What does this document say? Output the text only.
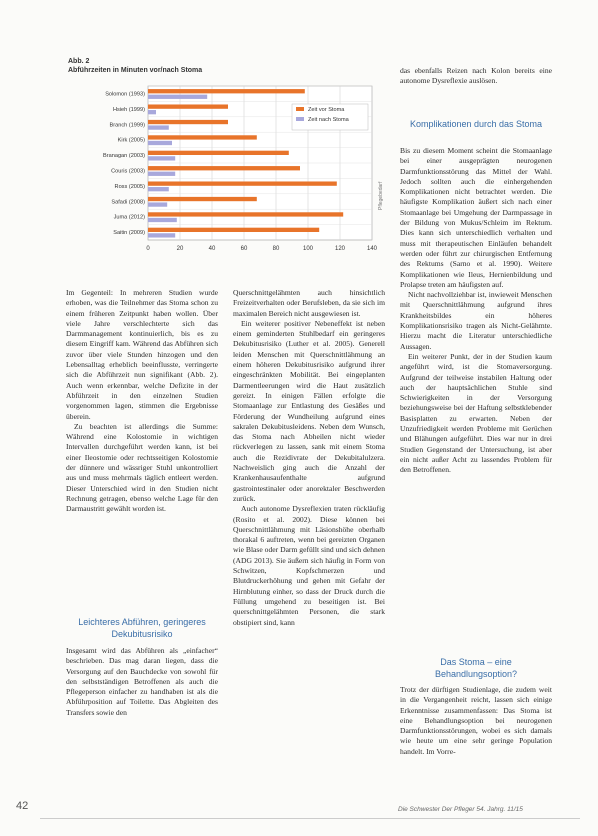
Abb. 2
Abführzeiten in Minuten vor/nach Stoma
Solomon (1993)
Hsieh (1999)
Branch (1999)
Kirk (2005)
Branagan (2003)
Couris (2003)
Ross (2005)
Safadi (2008)
Juma (2012)
Saitin (2009)
0	20	40	60	80	100	120	140
Zeit vor Stoma
Zeit nach Stoma
Pflegebedarf

Im Gegenteil: In mehreren Studien wurde erhoben, was die Teilnehmer das Stoma schon zu einem früheren Zeitpunkt haben wollen. Über viele Jahre verschlechterte sich das Darmmanagement kontinuierlich, bis es zu diesem Eingriff kam. Während das Abführen sich zuvor über viele Stunden hinzogen und den Lebensalltag erheblich beeinflusste, verringerte sich die Abführzeit nun signifikant (Abb. 2). Auch wenn erkennbar, welche Defizite in der Abführzeit in den einzelnen Studien vorgenommen lagen, stimmen die Ergebnisse überein.

Zu beachten ist allerdings die Summe: Während eine Kolostomie in wichtigen Intervallen durchgeführt werden kann, ist bei einer Ileostomie oder rechtsseitigen Kolostomie der dünnere und wässriger Stuhl unkontrolliert aus und muss mehrmals täglich entleert werden. Dieser Unterschied wird in den Studien nicht Rechnung getragen, ebenso welche Lage für den Darmaustritt gewählt worden ist.

Leichteres Abführen, geringeres Dekubitusrisiko

Insgesamt wird das Abführen als „einfacher“ beschrieben. Das mag daran liegen, dass die Versorgung auf den Bauchdecke von sowohl für den selbstständigen Betroffenen als auch die Pflegeperson einfacher zu handhaben ist als die Abführposition auf Toilette. Das Abgleiten des Transfers sowie den

Querschnittgelähmten auch hinsichtlich Freizeitverhalten oder Berufsleben, da sie sich im maximalen Bereich nicht ausgewiesen ist.

Ein weiterer positiver Nebeneffekt ist neben einem geminderten Stuhlbedarf ein geringeres Dekubitusrisiko (Luther et al. 2005). Generell leiden Menschen mit Querschnittlähmung an einem höheren Dekubitusrisiko aufgrund ihrer eingeschränkten Mobilität. Bei eingeplanten Darmentleerungen wird die Haut zusätzlich gereizt. In einigen Fällen erfolgte die Stomaanlage zur Entlastung des Gesäßes und Förderung der Wundheilung aufgrund eines sakralen Dekubitusleidens. Neben dem Wunsch, das Stoma nach Abheilen nicht wieder rückverlegen zu lassen, sank mit einem Stoma auch die Rezidivrate der Dekubitalulzera. Nachweislich ging auch die Anzahl der Krankenhausaufenthalte aufgrund gastrointestinaler oder anorektaler Beschwerden zurück.

Auch autonome Dysreflexien traten rückläufig (Rosito et al. 2002). Diese können bei Querschnittlähmung mit Läsionshöhe oberhalb thorakal 6 auftreten, wenn bei gereizten Organen wie Blase oder Darm gefüllt sind und sich dehnen (ADG 2013). Sie äußern sich häufig in Form von Schwitzen, Kopfschmerzen und Blutdruckerhöhung und gehen mit Gefahr der Hirnblutung einher, so dass der Druck durch die Füllung umgehend zu beseitigen ist. Bei querschnittgelähmten Personen, die stark obstipiert sind, kann

das ebenfalls Reizen nach Kolon bereits eine autonome Dysreflexie auslösen.

Komplikationen durch das Stoma

Bis zu diesem Moment scheint die Stomaanlage bei einer ausgeprägten neurogenen Darmfunktionsstörung das Mittel der Wahl. Jedoch sollten auch die einhergehenden Komplikationen nicht betrachtet werden. Die häufigste Komplikation äußert sich nach einer Stomaanlage bei Umgehung der Darmpassage in der Bildung von Mukus/Schleim im Rektum. Dies kann sich unterschiedlich verhalten und muss mit therapeutischen Einläufen behandelt werden oder führt zur chirurgischen Entfernung des Rektums (Sarno et al. 1990). Weitere Komplikationen wie Ileus, Hernienbildung und Prolapse treten am häufigsten auf.

Nicht nachvollziehbar ist, inwieweit Menschen mit Querschnittlähmung aufgrund ihres Krankheitsbildes ein höheres Komplikationsrisiko tragen als Nicht-Gelähmte. Hierzu macht die Literatur unterschiedliche Aussagen.

Ein weiterer Punkt, der in der Studien kaum angeführt wird, ist die Stomaversorgung. Aufgrund der teilweise instabilen Haltung oder auch der hauptsächlichen Stuhle sind Schwierigkeiten in der Versorgung beziehungsweise bei der Haftung selbstklebender Basisplatten zu erwarten. Neben der Unzufriedigkeit werden Probleme mit Gerüchen und Blähungen aufgeführt. Dies war nur in drei Studien Gegenstand der Untersuchung, ist aber ein nicht außer Acht zu lassendes Problem für den Betroffenen.

Das Stoma – eine Behandlungsoption?

Trotz der dürftigen Studienlage, die zudem weit in die Vergangenheit reicht, lassen sich einige Erkenntnisse zusammenfassen: Das Stoma ist eine Behandlungsoption bei neurogenen Darmfunktionsstörungen, wobei es sich damals wie heute um eine sehr geringe Population handelt. Im Vorre-

42	Die Schwester Der Pfleger 54. Jahrg. 11/15
